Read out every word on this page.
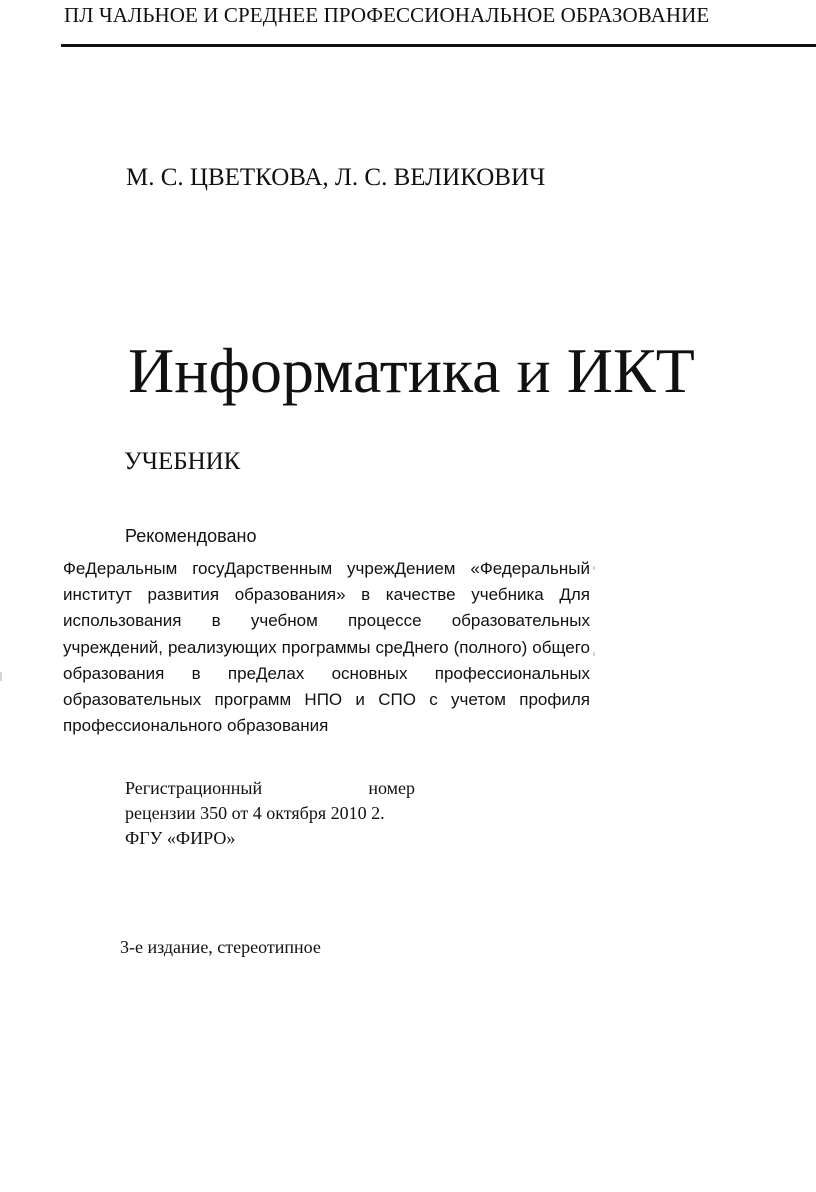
ПЛ ЧАЛЬНОЕ И СРЕДНЕЕ ПРОФЕССИОНАЛЬНОЕ ОБРАЗОВАНИЕ
М. С. ЦВЕТКОВА, Л. С. ВЕЛИКОВИЧ
Информатика и ИКТ
УЧЕБНИК
Рекомендовано
ФеДеральным госуДарственным учрежДением «Федеральный институт развития образования» в качестве учебника Для использования в учебном процессе образовательных учреждений, реализующих программы среДнего (полного) общего образования в преДелах основных профессиональных образовательных программ НПО и СПО с учетом профиля профессионального образования
Регистрационный	номер
рецензии 350 от 4 октября 2010 2.
ФГУ «ФИРО»
3-е издание, стереотипное
